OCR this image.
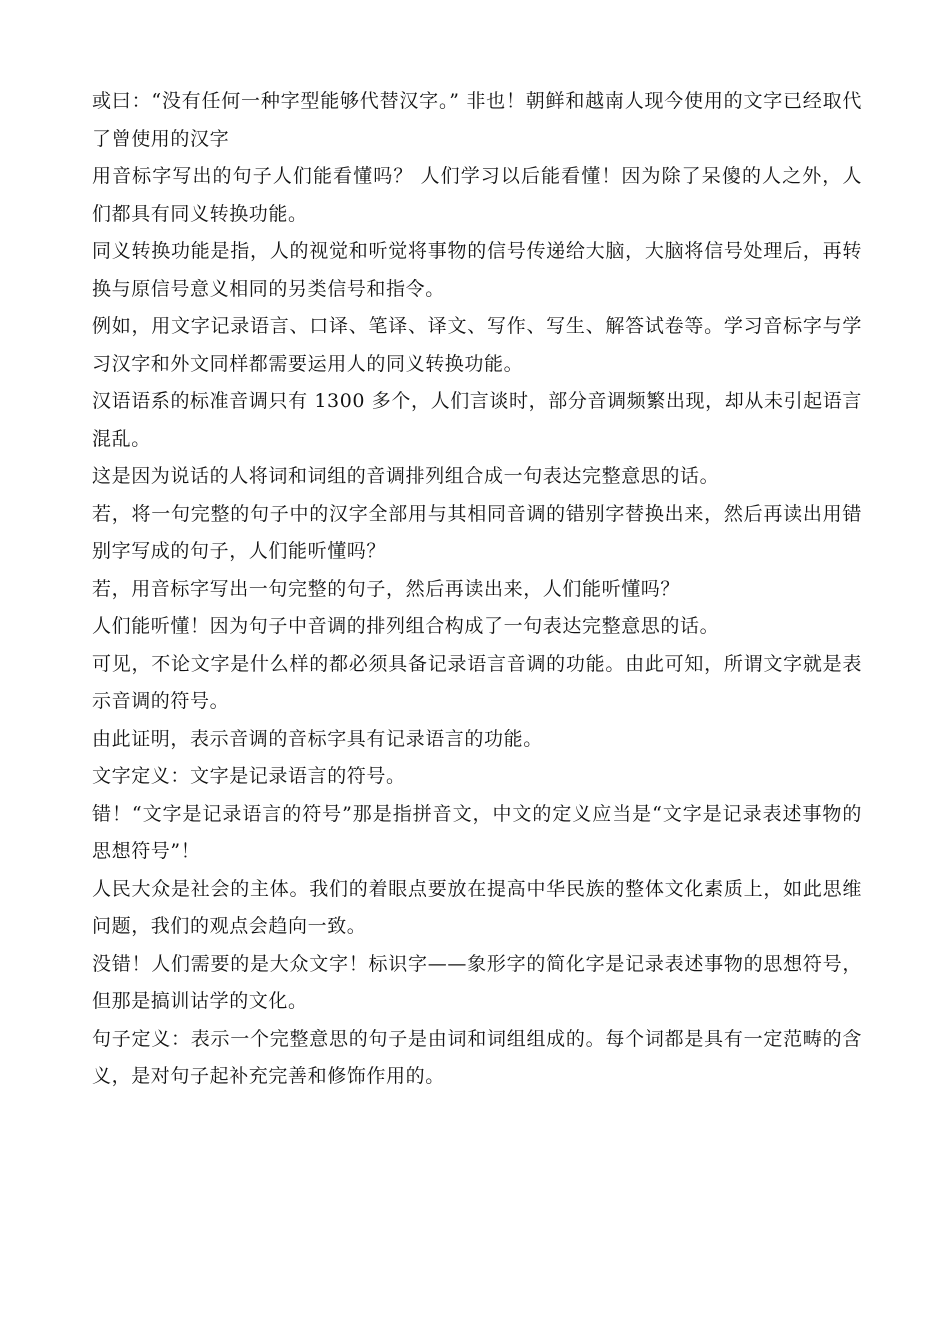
或曰：“没有任何一种字型能够代替汉字。” 非也！朝鲜和越南人现今使用的文字已经取代了曾使用的汉字

用音标字写出的句子人们能看懂吗？ 人们学习以后能看懂！因为除了呆傻的人之外，人们都具有同义转换功能。

同义转换功能是指，人的视觉和听觉将事物的信号传递给大脑，大脑将信号处理后，再转换与原信号意义相同的另类信号和指令。

例如，用文字记录语言、口译、笔译、译文、写作、写生、解答试卷等。学习音标字与学习汉字和外文同样都需要运用人的同义转换功能。

汉语语系的标准音调只有 1300 多个，人们言谈时，部分音调频繁出现，却从未引起语言混乱。

这是因为说话的人将词和词组的音调排列组合成一句表达完整意思的话。

若，将一句完整的句子中的汉字全部用与其相同音调的错别字替换出来，然后再读出用错别字写成的句子，人们能听懂吗？

若，用音标字写出一句完整的句子，然后再读出来，人们能听懂吗？

人们能听懂！因为句子中音调的排列组合构成了一句表达完整意思的话。

可见，不论文字是什么样的都必须具备记录语言音调的功能。由此可知，所谓文字就是表示音调的符号。

由此证明，表示音调的音标字具有记录语言的功能。

文字定义：文字是记录语言的符号。

错！“文字是记录语言的符号”那是指拼音文，中文的定义应当是“文字是记录表述事物的思想符号”！

人民大众是社会的主体。我们的着眼点要放在提高中华民族的整体文化素质上，如此思维问题，我们的观点会趋向一致。

没错！人们需要的是大众文字！标识字——象形字的简化字是记录表述事物的思想符号，但那是搞训诂学的文化。

句子定义：表示一个完整意思的句子是由词和词组组成的。每个词都是具有一定范畴的含义，是对句子起补充完善和修饰作用的。
